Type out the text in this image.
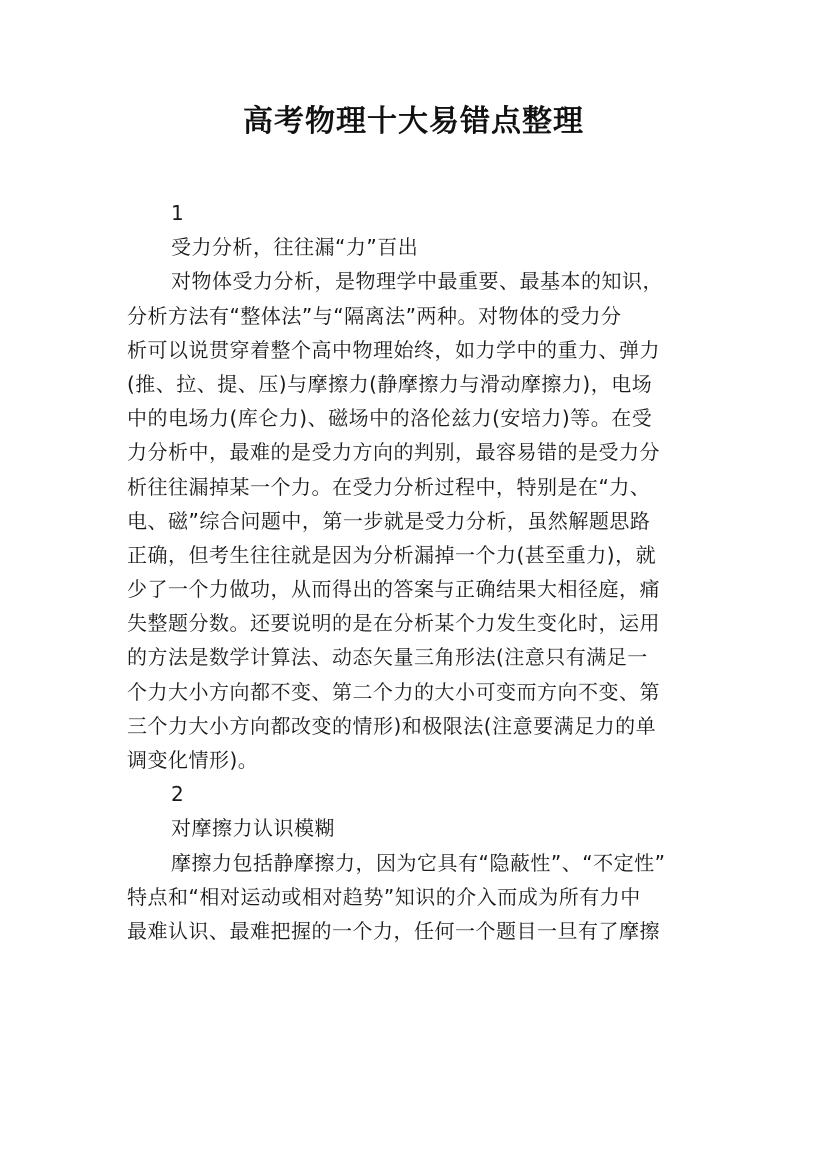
高考物理十大易错点整理
1
受力分析，往往漏“力”百出
对物体受力分析，是物理学中最重要、最基本的知识，
分析方法有“整体法”与“隔离法”两种。对物体的受力分
析可以说贯穿着整个高中物理始终，如力学中的重力、弹力
(推、拉、提、压)与摩擦力(静摩擦力与滑动摩擦力)，电场
中的电场力(库仑力)、磁场中的洛伦兹力(安培力)等。在受
力分析中，最难的是受力方向的判别，最容易错的是受力分
析往往漏掉某一个力。在受力分析过程中，特别是在“力、
电、磁”综合问题中，第一步就是受力分析，虽然解题思路
正确，但考生往往就是因为分析漏掉一个力(甚至重力)，就
少了一个力做功，从而得出的答案与正确结果大相径庭，痛
失整题分数。还要说明的是在分析某个力发生变化时，运用
的方法是数学计算法、动态矢量三角形法(注意只有满足一
个力大小方向都不变、第二个力的大小可变而方向不变、第
三个力大小方向都改变的情形)和极限法(注意要满足力的单
调变化情形)。
2
对摩擦力认识模糊
摩擦力包括静摩擦力，因为它具有“隐蔽性”、“不定性”
特点和“相对运动或相对趋势”知识的介入而成为所有力中
最难认识、最难把握的一个力，任何一个题目一旦有了摩擦
